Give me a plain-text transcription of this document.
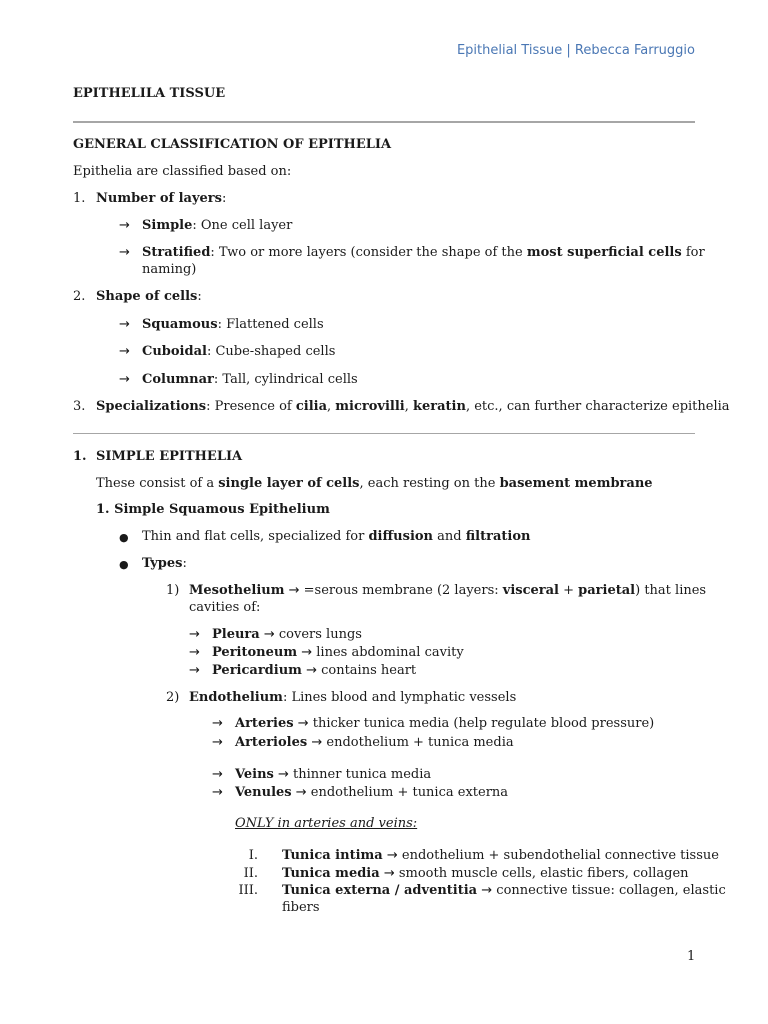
Epithelial Tissue | Rebecca Farruggio
EPITHELILA TISSUE
GENERAL CLASSIFICATION OF EPITHELIA
Epithelia are classified based on:
1. Number of layers:
→ Simple: One cell layer
→ Stratified: Two or more layers (consider the shape of the most superficial cells for
naming)
2. Shape of cells:
→ Squamous: Flattened cells
→ Cuboidal: Cube-shaped cells
→ Columnar: Tall, cylindrical cells
3. Specializations: Presence of cilia, microvilli, keratin, etc., can further characterize epithelia
1. SIMPLE EPITHELIA
These consist of a single layer of cells, each resting on the basement membrane
1. Simple Squamous Epithelium
● Thin and flat cells, specialized for diffusion and filtration
● Types:
1) Mesothelium → =serous membrane (2 layers: visceral + parietal) that lines
cavities of:
→ Pleura → covers lungs
→ Peritoneum → lines abdominal cavity
→ Pericardium → contains heart
2) Endothelium: Lines blood and lymphatic vessels
→ Arteries → thicker tunica media (help regulate blood pressure)
→ Arterioles → endothelium + tunica media
→ Veins → thinner tunica media
→ Venules → endothelium + tunica externa
ONLY in arteries and veins:
I. Tunica intima → endothelium + subendothelial connective tissue
II. Tunica media → smooth muscle cells, elastic fibers, collagen
III. Tunica externa / adventitia → connective tissue: collagen, elastic
fibers
1
